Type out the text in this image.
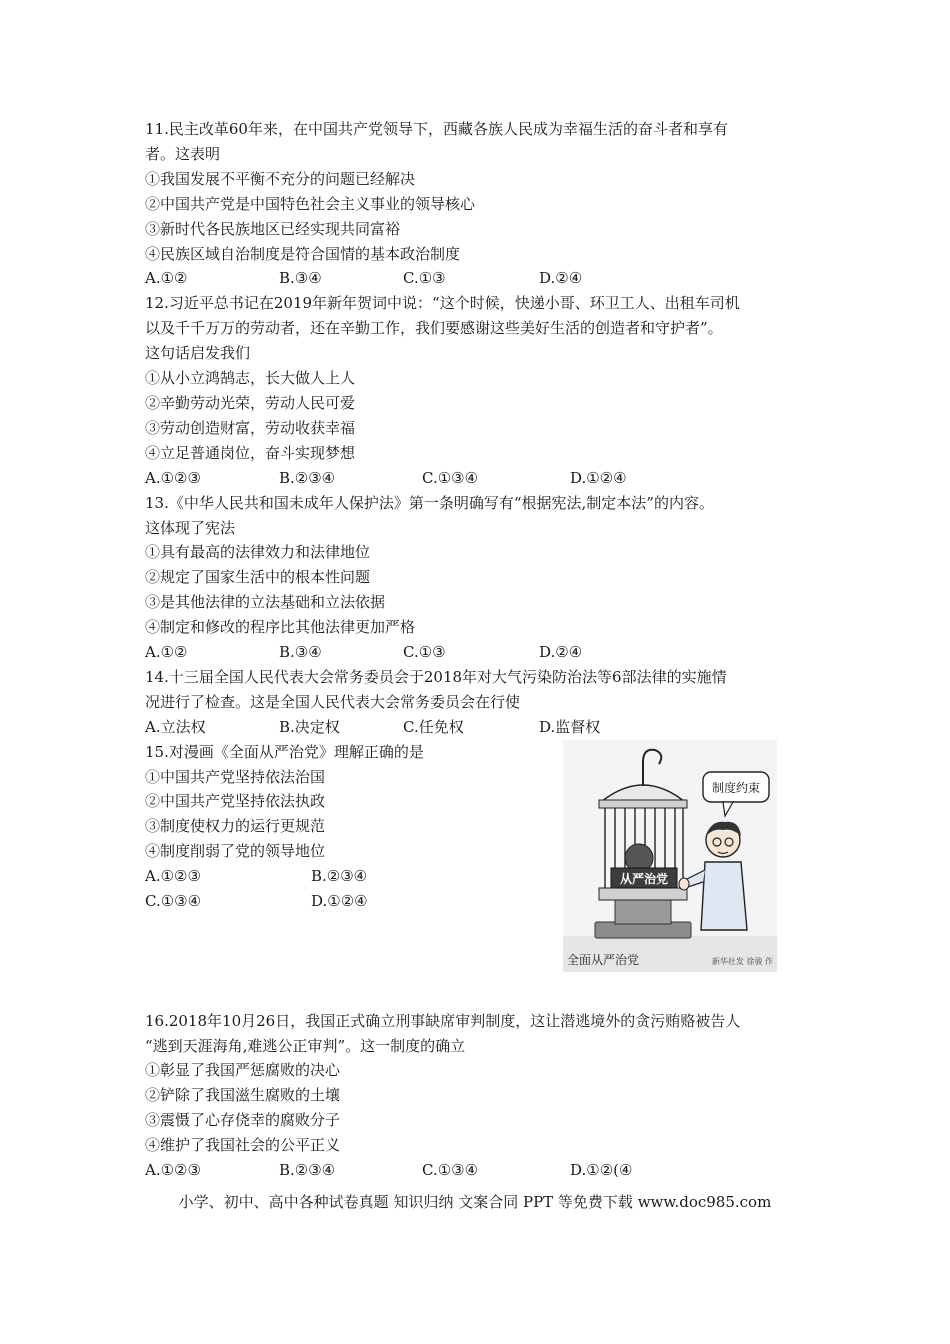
11.民主改革60年来，在中国共产党领导下，西藏各族人民成为幸福生活的奋斗者和享有
者。这表明
①我国发展不平衡不充分的问题已经解决
②中国共产党是中国特色社会主义事业的领导核心
③新时代各民族地区已经实现共同富裕
④民族区域自治制度是符合国情的基本政治制度
A.①②	B.③④	C.①③	D.②④
12.习近平总书记在2019年新年贺词中说：“这个时候，快递小哥、环卫工人、出租车司机
以及千千万万的劳动者，还在辛勤工作，我们要感谢这些美好生活的创造者和守护者”。
这句话启发我们
①从小立鸿鹄志，长大做人上人
②辛勤劳动光荣，劳动人民可爱
③劳动创造财富，劳动收获幸福
④立足普通岗位，奋斗实现梦想
A.①②③	B.②③④	C.①③④	D.①②④
13.《中华人民共和国未成年人保护法》第一条明确写有“根据宪法,制定本法”的内容。
这体现了宪法
①具有最高的法律效力和法律地位
②规定了国家生活中的根本性问题
③是其他法律的立法基础和立法依据
④制定和修改的程序比其他法律更加严格
A.①②	B.③④	C.①③	D.②④
14.十三届全国人民代表大会常务委员会于2018年对大气污染防治法等6部法律的实施情
况进行了检查。这是全国人民代表大会常务委员会在行使
A.立法权	B.决定权	C.任免权	D.监督权
15.对漫画《全面从严治党》理解正确的是
①中国共产党坚持依法治国
②中国共产党坚持依法执政
③制度使权力的运行更规范
④制度削弱了党的领导地位
A.①②③	B.②③④
C.①③④	D.①②④
从严治党
制度约束
全面从严治党	新华社发 徐骏 作
16.2018年10月26日，我国正式确立刑事缺席审判制度，这让潜逃境外的贪污贿赂被告人
“逃到天涯海角,难逃公正审判”。这一制度的确立
①彰显了我国严惩腐败的决心
②铲除了我国滋生腐败的土壤
③震慑了心存侥幸的腐败分子
④维护了我国社会的公平正义
A.①②③	B.②③④	C.①③④	D.①②(④
小学、初中、高中各种试卷真题 知识归纳 文案合同 PPT 等免费下载 www.doc985.com
